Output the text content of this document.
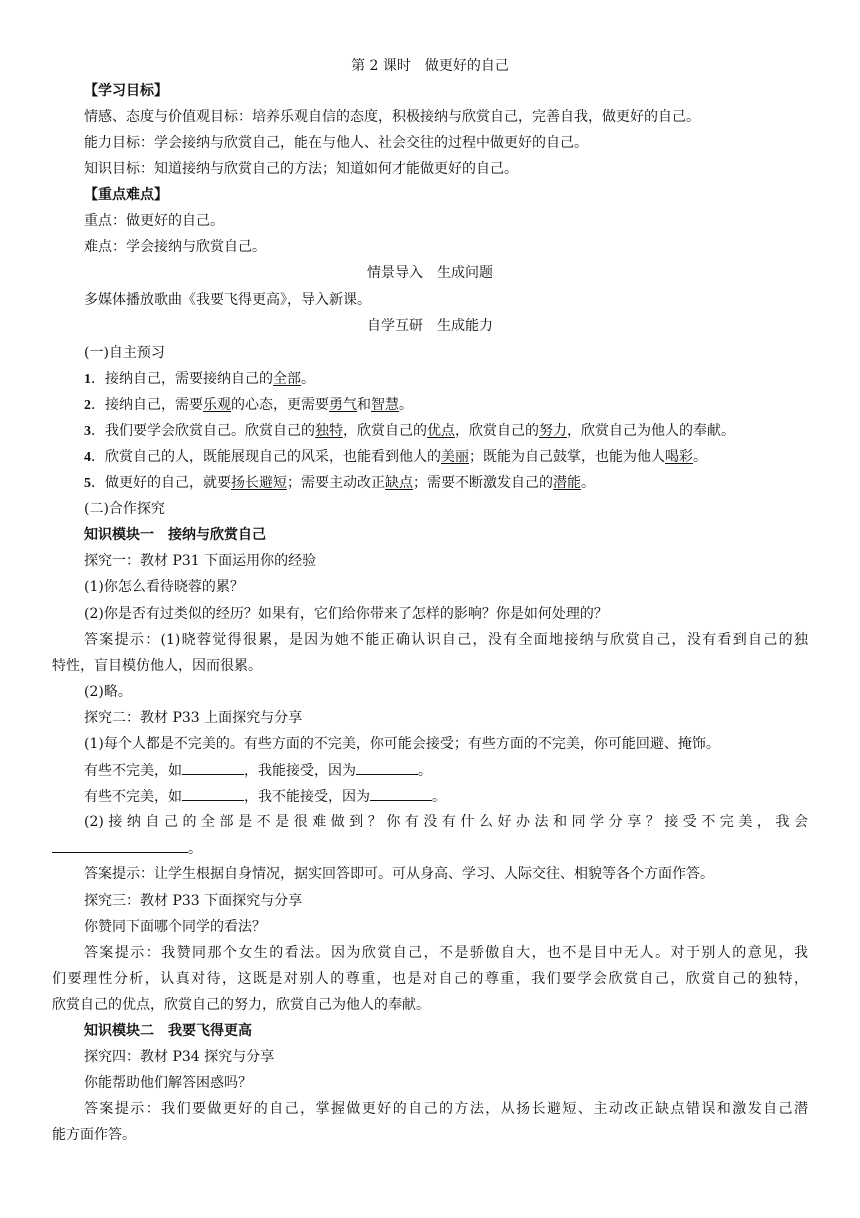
第 2 课时　做更好的自己
【学习目标】
情感、态度与价值观目标：培养乐观自信的态度，积极接纳与欣赏自己，完善自我，做更好的自己。
能力目标：学会接纳与欣赏自己，能在与他人、社会交往的过程中做更好的自己。
知识目标：知道接纳与欣赏自己的方法；知道如何才能做更好的自己。
【重点难点】
重点：做更好的自己。
难点：学会接纳与欣赏自己。
情景导入　生成问题
多媒体播放歌曲《我要飞得更高》，导入新课。
自学互研　生成能力
(一)自主预习
1．接纳自己，需要接纳自己的全部。
2．接纳自己，需要乐观的心态，更需要勇气和智慧。
3．我们要学会欣赏自己。欣赏自己的独特，欣赏自己的优点，欣赏自己的努力，欣赏自己为他人的奉献。
4．欣赏自己的人，既能展现自己的风采，也能看到他人的美丽；既能为自己鼓掌，也能为他人喝彩。
5．做更好的自己，就要扬长避短；需要主动改正缺点；需要不断激发自己的潜能。
(二)合作探究
知识模块一　接纳与欣赏自己
探究一：教材 P31 下面运用你的经验
(1)你怎么看待晓蓉的累？
(2)你是否有过类似的经历？如果有，它们给你带来了怎样的影响？你是如何处理的？
答案提示：(1)晓蓉觉得很累，是因为她不能正确认识自己，没有全面地接纳与欣赏自己，没有看到自己的独
特性，盲目模仿他人，因而很累。
(2)略。
探究二：教材 P33 上面探究与分享
(1)每个人都是不完美的。有些方面的不完美，你可能会接受；有些方面的不完美，你可能回避、掩饰。
有些不完美，如	，我能接受，因为	。
有些不完美，如	，我不能接受，因为	。
(2)接纳自己的全部是不是很难做到？你有没有什么好办法和同学分享？接受不完美，我会
。
答案提示：让学生根据自身情况，据实回答即可。可从身高、学习、人际交往、相貌等各个方面作答。
探究三：教材 P33 下面探究与分享
你赞同下面哪个同学的看法？
答案提示：我赞同那个女生的看法。因为欣赏自己，不是骄傲自大，也不是目中无人。对于别人的意见，我
们要理性分析，认真对待，这既是对别人的尊重，也是对自己的尊重，我们要学会欣赏自己，欣赏自己的独特，
欣赏自己的优点，欣赏自己的努力，欣赏自己为他人的奉献。
知识模块二　我要飞得更高
探究四：教材 P34 探究与分享
你能帮助他们解答困惑吗？
答案提示：我们要做更好的自己，掌握做更好的自己的方法，从扬长避短、主动改正缺点错误和激发自己潜
能方面作答。
